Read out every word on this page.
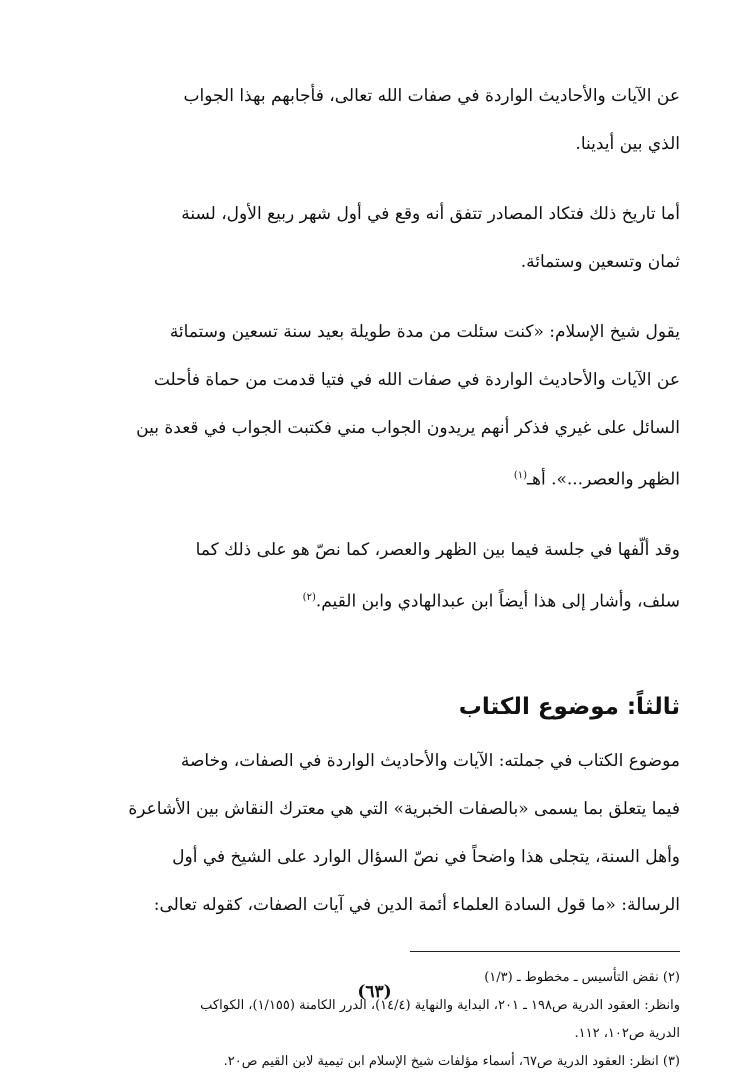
عن الآيات والأحاديث الواردة في صفات الله تعالى، فأجابهم بهذا الجواب
الذي بين أيدينا.

أما تاريخ ذلك فتكاد المصادر تتفق أنه وقع في أول شهر ربيع الأول، لسنة
ثمان وتسعين وستمائة.

يقول شيخ الإسلام: «كنت سئلت من مدة طويلة بعيد سنة تسعين وستمائة
عن الآيات والأحاديث الواردة في صفات الله في فتيا قدمت من حماة فأحلت
السائل على غيري فذكر أنهم يريدون الجواب مني فكتبت الجواب في قعدة بين
الظهر والعصر...». أهـ$^{(١)}$

وقد ألّفها في جلسة فيما بين الظهر والعصر، كما نصّ هو على ذلك كما
سلف، وأشار إلى هذا أيضاً ابن عبدالهادي وابن القيم.$^{(٢)}$

ثالثاً: موضوع الكتاب

موضوع الكتاب في جملته: الآيات والأحاديث الواردة في الصفات، وخاصة
فيما يتعلق بما يسمى «بالصفات الخبرية» التي هي معترك النقاش بين الأشاعرة
وأهل السنة، يتجلى هذا واضحاً في نصّ السؤال الوارد على الشيخ في أول
الرسالة: «ما قول السادة العلماء أئمة الدين في آيات الصفات، كقوله تعالى:

(٢) نقض التأسيس ـ مخطوط ـ (١/٣)

وانظر: العقود الدرية ص١٩٨ ـ ٢٠١، البداية والنهاية (١٤/٤)، الدرر الكامنة (١/١٥٥)، الكواكب

الدرية ص١٠٢، ١١٢.

(٣) انظر: العقود الدرية ص٦٧، أسماء مؤلفات شيخ الإسلام ابن تيمية لابن القيم ص٢٠.

(٦٣)
